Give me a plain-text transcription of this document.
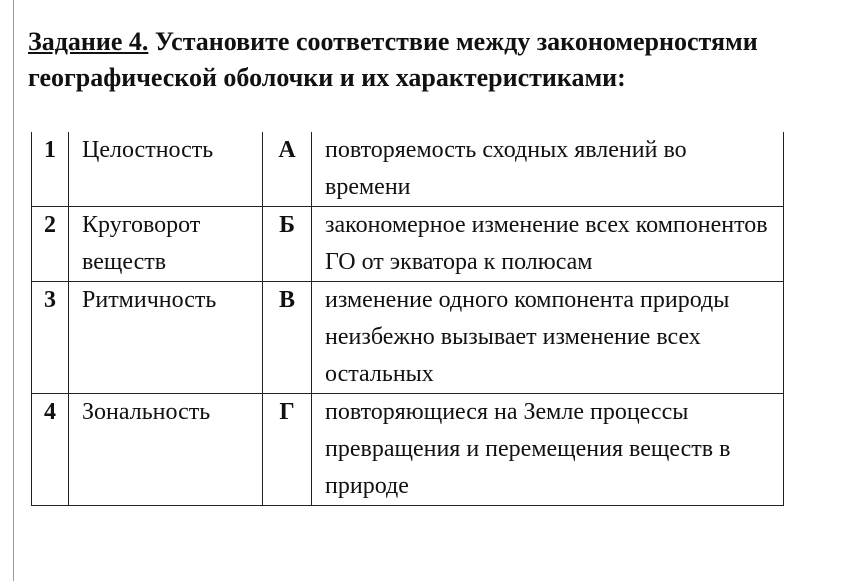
Задание 4. Установите соответствие между закономерностями географической оболочки и их характеристиками:

1	Целостность	А	повторяемость сходных явлений во времени
2	Круговорот веществ	Б	закономерное изменение всех компонентов ГО от экватора к полюсам
3	Ритмичность	В	изменение одного компонента природы неизбежно вызывает изменение всех остальных
4	Зональность	Г	повторяющиеся на Земле процессы превращения и перемещения веществ в природе
